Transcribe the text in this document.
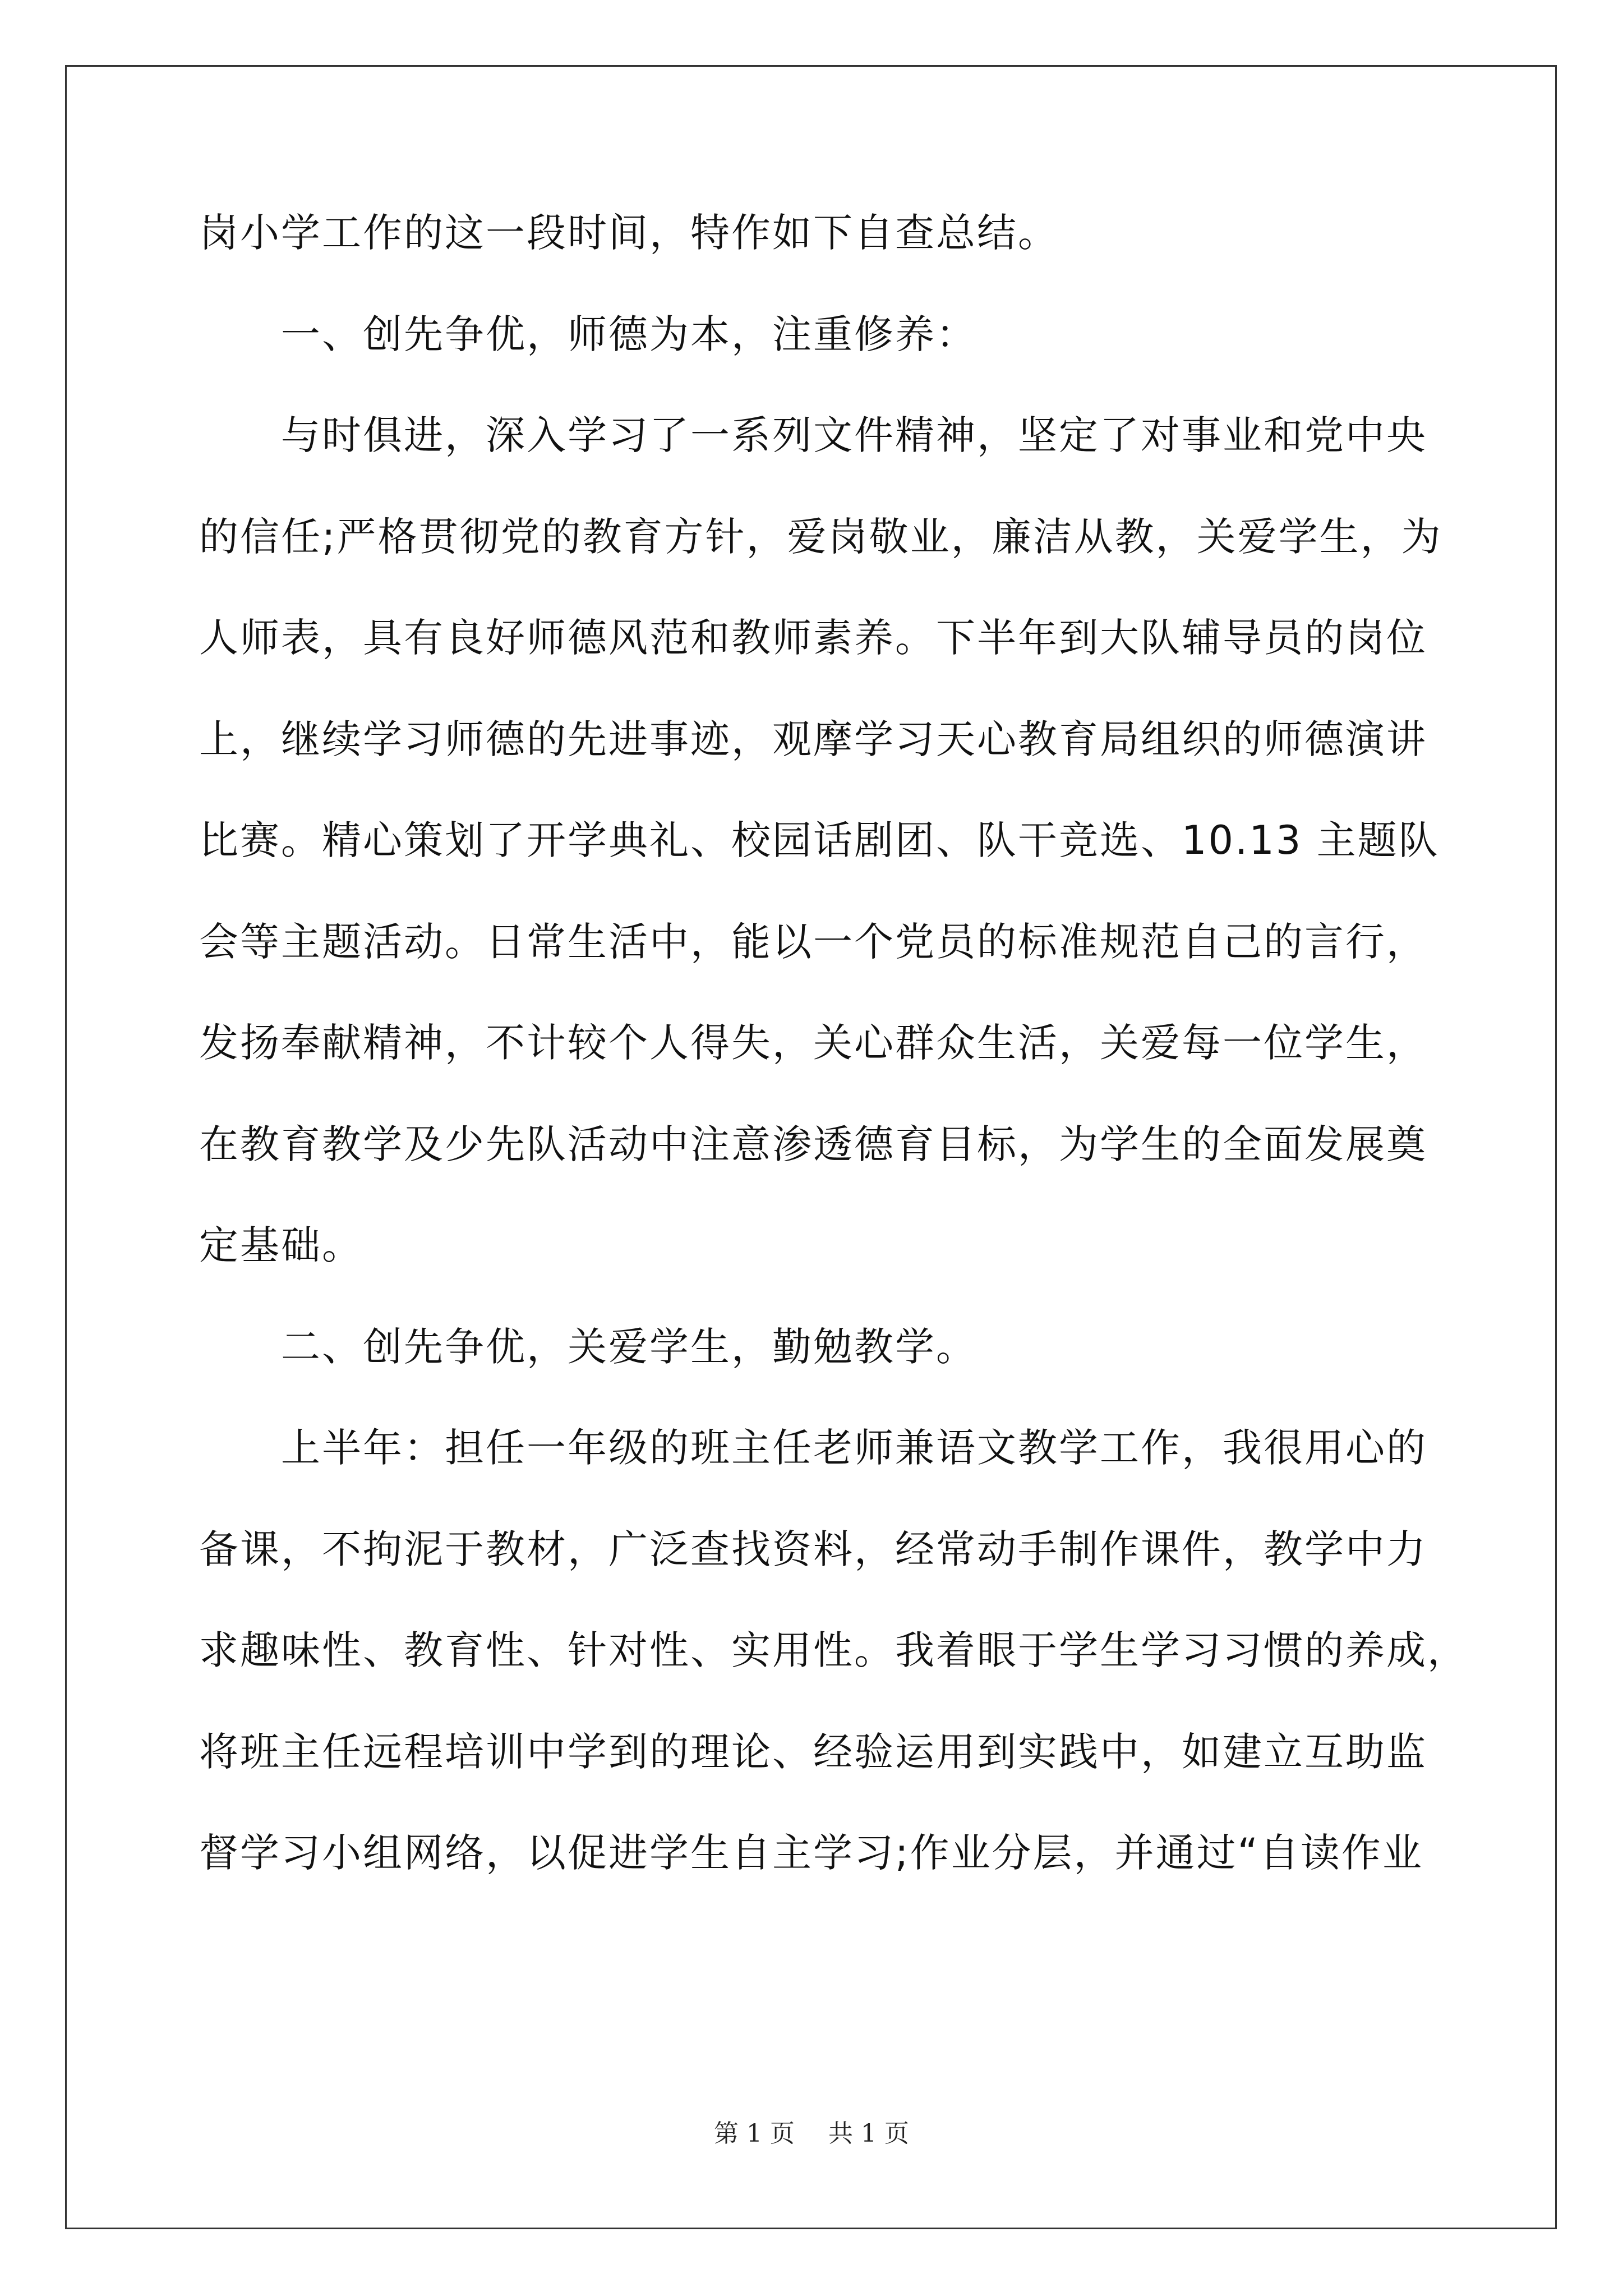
岗小学工作的这一段时间，特作如下自查总结。
一、创先争优，师德为本，注重修养：
与时俱进，深入学习了一系列文件精神，坚定了对事业和党中央
的信任;严格贯彻党的教育方针，爱岗敬业，廉洁从教，关爱学生，为
人师表，具有良好师德风范和教师素养。下半年到大队辅导员的岗位
上，继续学习师德的先进事迹，观摩学习天心教育局组织的师德演讲
比赛。精心策划了开学典礼、校园话剧团、队干竞选、10.13 主题队
会等主题活动。日常生活中，能以一个党员的标准规范自己的言行，
发扬奉献精神，不计较个人得失，关心群众生活，关爱每一位学生，
在教育教学及少先队活动中注意渗透德育目标，为学生的全面发展奠
定基础。
二、创先争优，关爱学生，勤勉教学。
上半年：担任一年级的班主任老师兼语文教学工作，我很用心的
备课，不拘泥于教材，广泛查找资料，经常动手制作课件，教学中力
求趣味性、教育性、针对性、实用性。我着眼于学生学习习惯的养成，
将班主任远程培训中学到的理论、经验运用到实践中，如建立互助监
督学习小组网络，以促进学生自主学习;作业分层，并通过“自读作业
第 1 页 共 1 页
